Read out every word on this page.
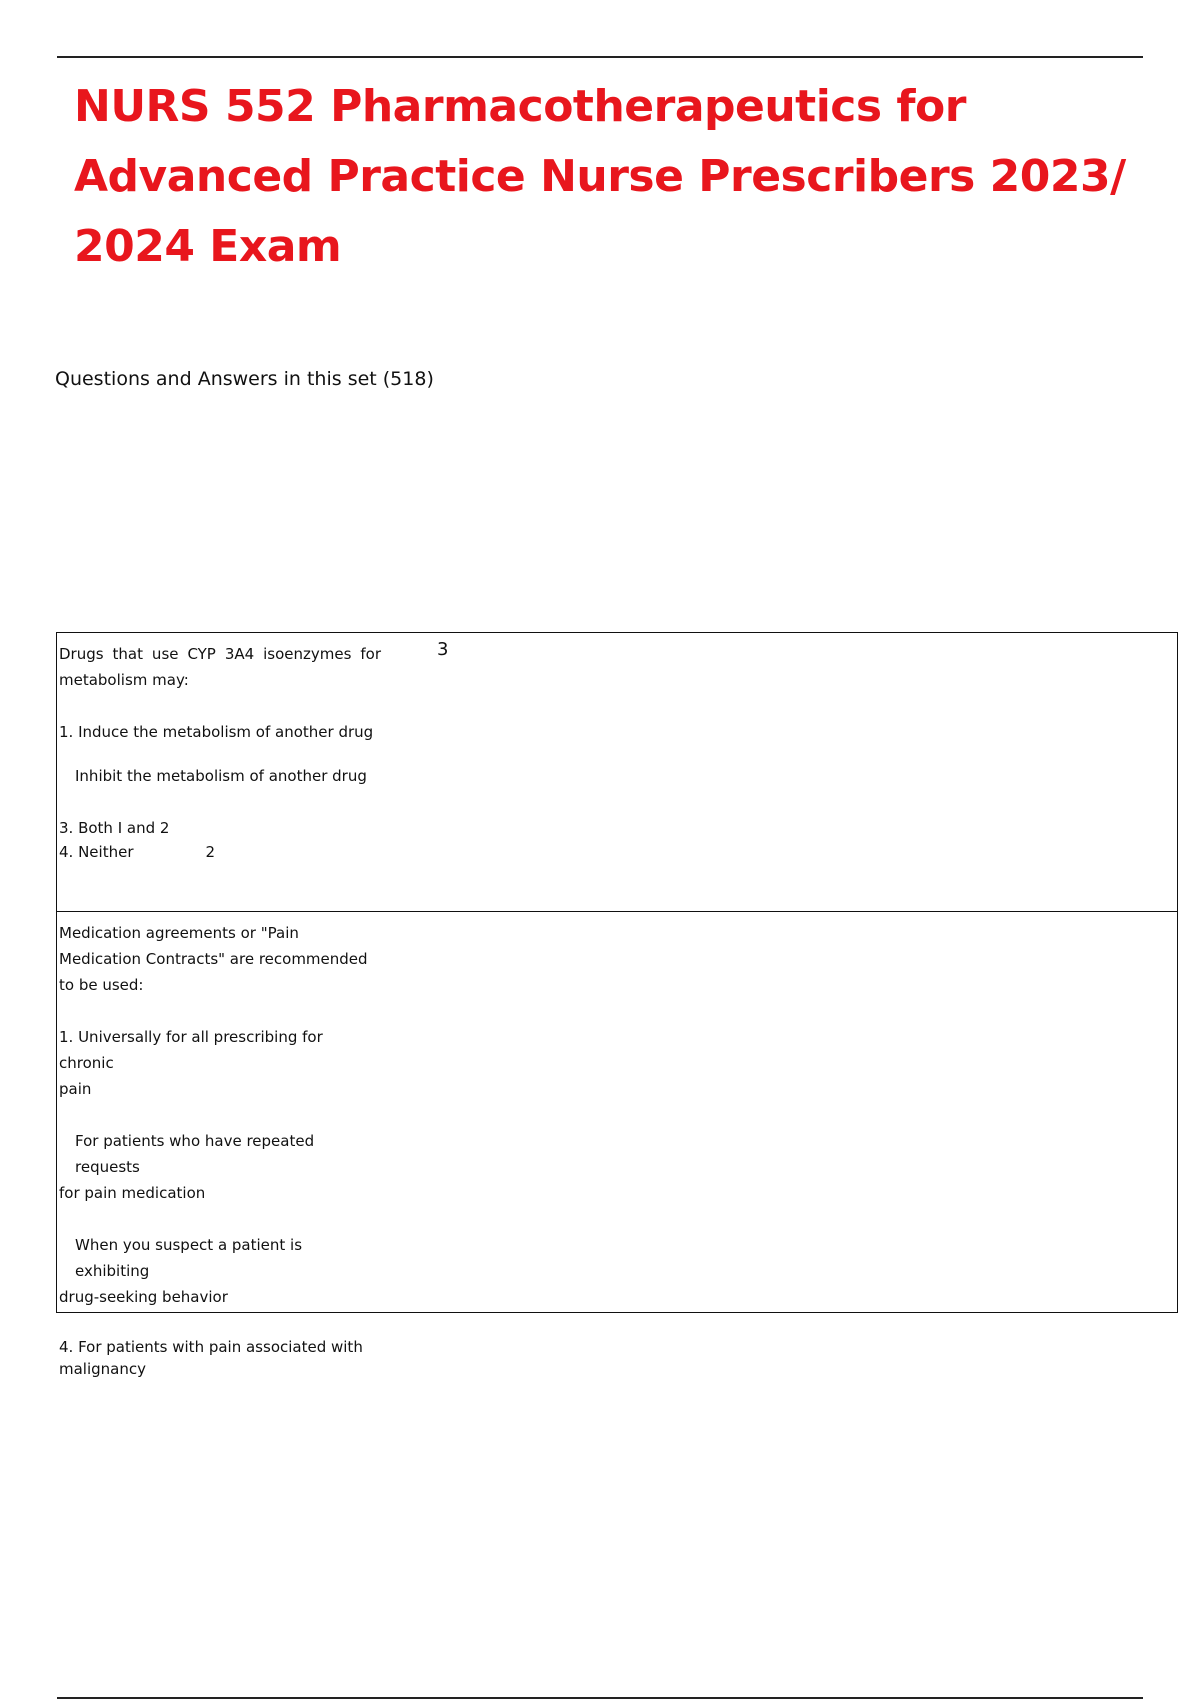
NURS 552 Pharmacotherapeutics for Advanced Practice Nurse Prescribers 2023/ 2024 Exam

Questions and Answers in this set (518)

Drugs that use CYP 3A4 isoenzymes for

metabolism may:

1. Induce the metabolism of another drug

Inhibit the metabolism of another drug

3. Both I and 2

4. Neither	2

3

Medication agreements or "Pain

Medication Contracts" are recommended

to be used:

1. Universally for all prescribing for chronic

pain

For patients who have repeated requests

for pain medication

When you suspect a patient is exhibiting

drug-seeking behavior

4. For patients with pain associated with

malignancy
